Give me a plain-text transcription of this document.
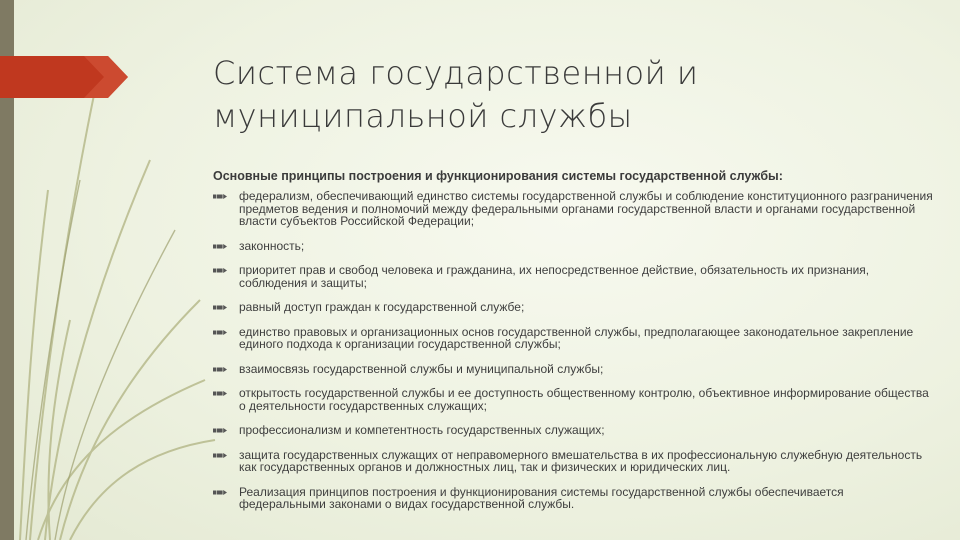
Система государственной и
муниципальной службы
Основные принципы построения и функционирования системы государственной службы:
федерализм, обеспечивающий единство системы государственной службы и соблюдение конституционного разграничения предметов ведения и полномочий между федеральными органами государственной власти и органами государственной власти субъектов Российской Федерации;
законность;
приоритет прав и свобод человека и гражданина, их непосредственное действие, обязательность их признания, соблюдения и защиты;
равный доступ граждан к государственной службе;
единство правовых и организационных основ государственной службы, предполагающее законодательное закрепление единого подхода к организации государственной службы;
взаимосвязь государственной службы и муниципальной службы;
открытость государственной службы и ее доступность общественному контролю, объективное информирование общества о деятельности государственных служащих;
профессионализм и компетентность государственных служащих;
защита государственных служащих от неправомерного вмешательства в их профессиональную служебную деятельность как государственных органов и должностных лиц, так и физических и юридических лиц.
Реализация принципов построения и функционирования системы государственной службы обеспечивается федеральными законами о видах государственной службы.
